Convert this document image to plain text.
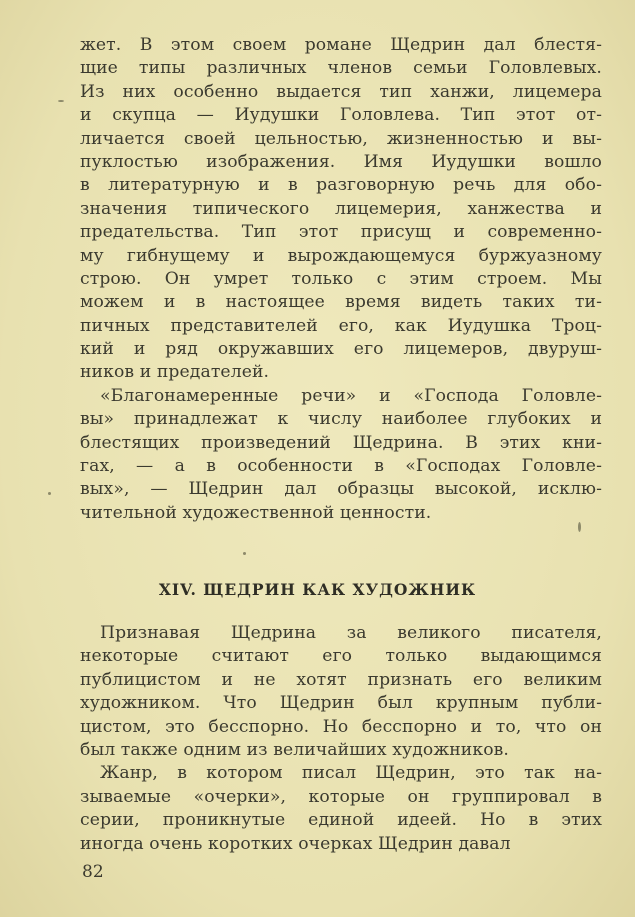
жет. В этом своем романе Щедрин дал блестя-
щие типы различных членов семьи Головлевых.
Из них особенно выдается тип ханжи, лицемера
и скупца — Иудушки Головлева. Тип этот от-
личается своей цельностью, жизненностью и вы-
пуклостью изображения. Имя Иудушки вошло
в литературную и в разговорную речь для обо-
значения типического лицемерия, ханжества и
предательства. Тип этот присущ и современно-
му гибнущему и вырождающемуся буржуазному
строю. Он умрет только с этим строем. Мы
можем и в настоящее время видеть таких ти-
пичных представителей его, как Иудушка Троц-
кий и ряд окружавших его лицемеров, двуруш-
ников и предателей.
«Благонамеренные речи» и «Господа Головле-
вы» принадлежат к числу наиболее глубоких и
блестящих произведений Щедрина. В этих кни-
гах, — а в особенности в «Господах Головле-
вых», — Щедрин дал образцы высокой, исклю-
чительной художественной ценности.
XIV. ЩЕДРИН КАК ХУДОЖНИК
Признавая Щедрина за великого писателя,
некоторые считают его только выдающимся
публицистом и не хотят признать его великим
художником. Что Щедрин был крупным публи-
цистом, это бесспорно. Но бесспорно и то, что он
был также одним из величайших художников.
Жанр, в котором писал Щедрин, это так на-
зываемые «очерки», которые он группировал в
серии, проникнутые единой идеей. Но в этих
иногда очень коротких очерках Щедрин давал
82
